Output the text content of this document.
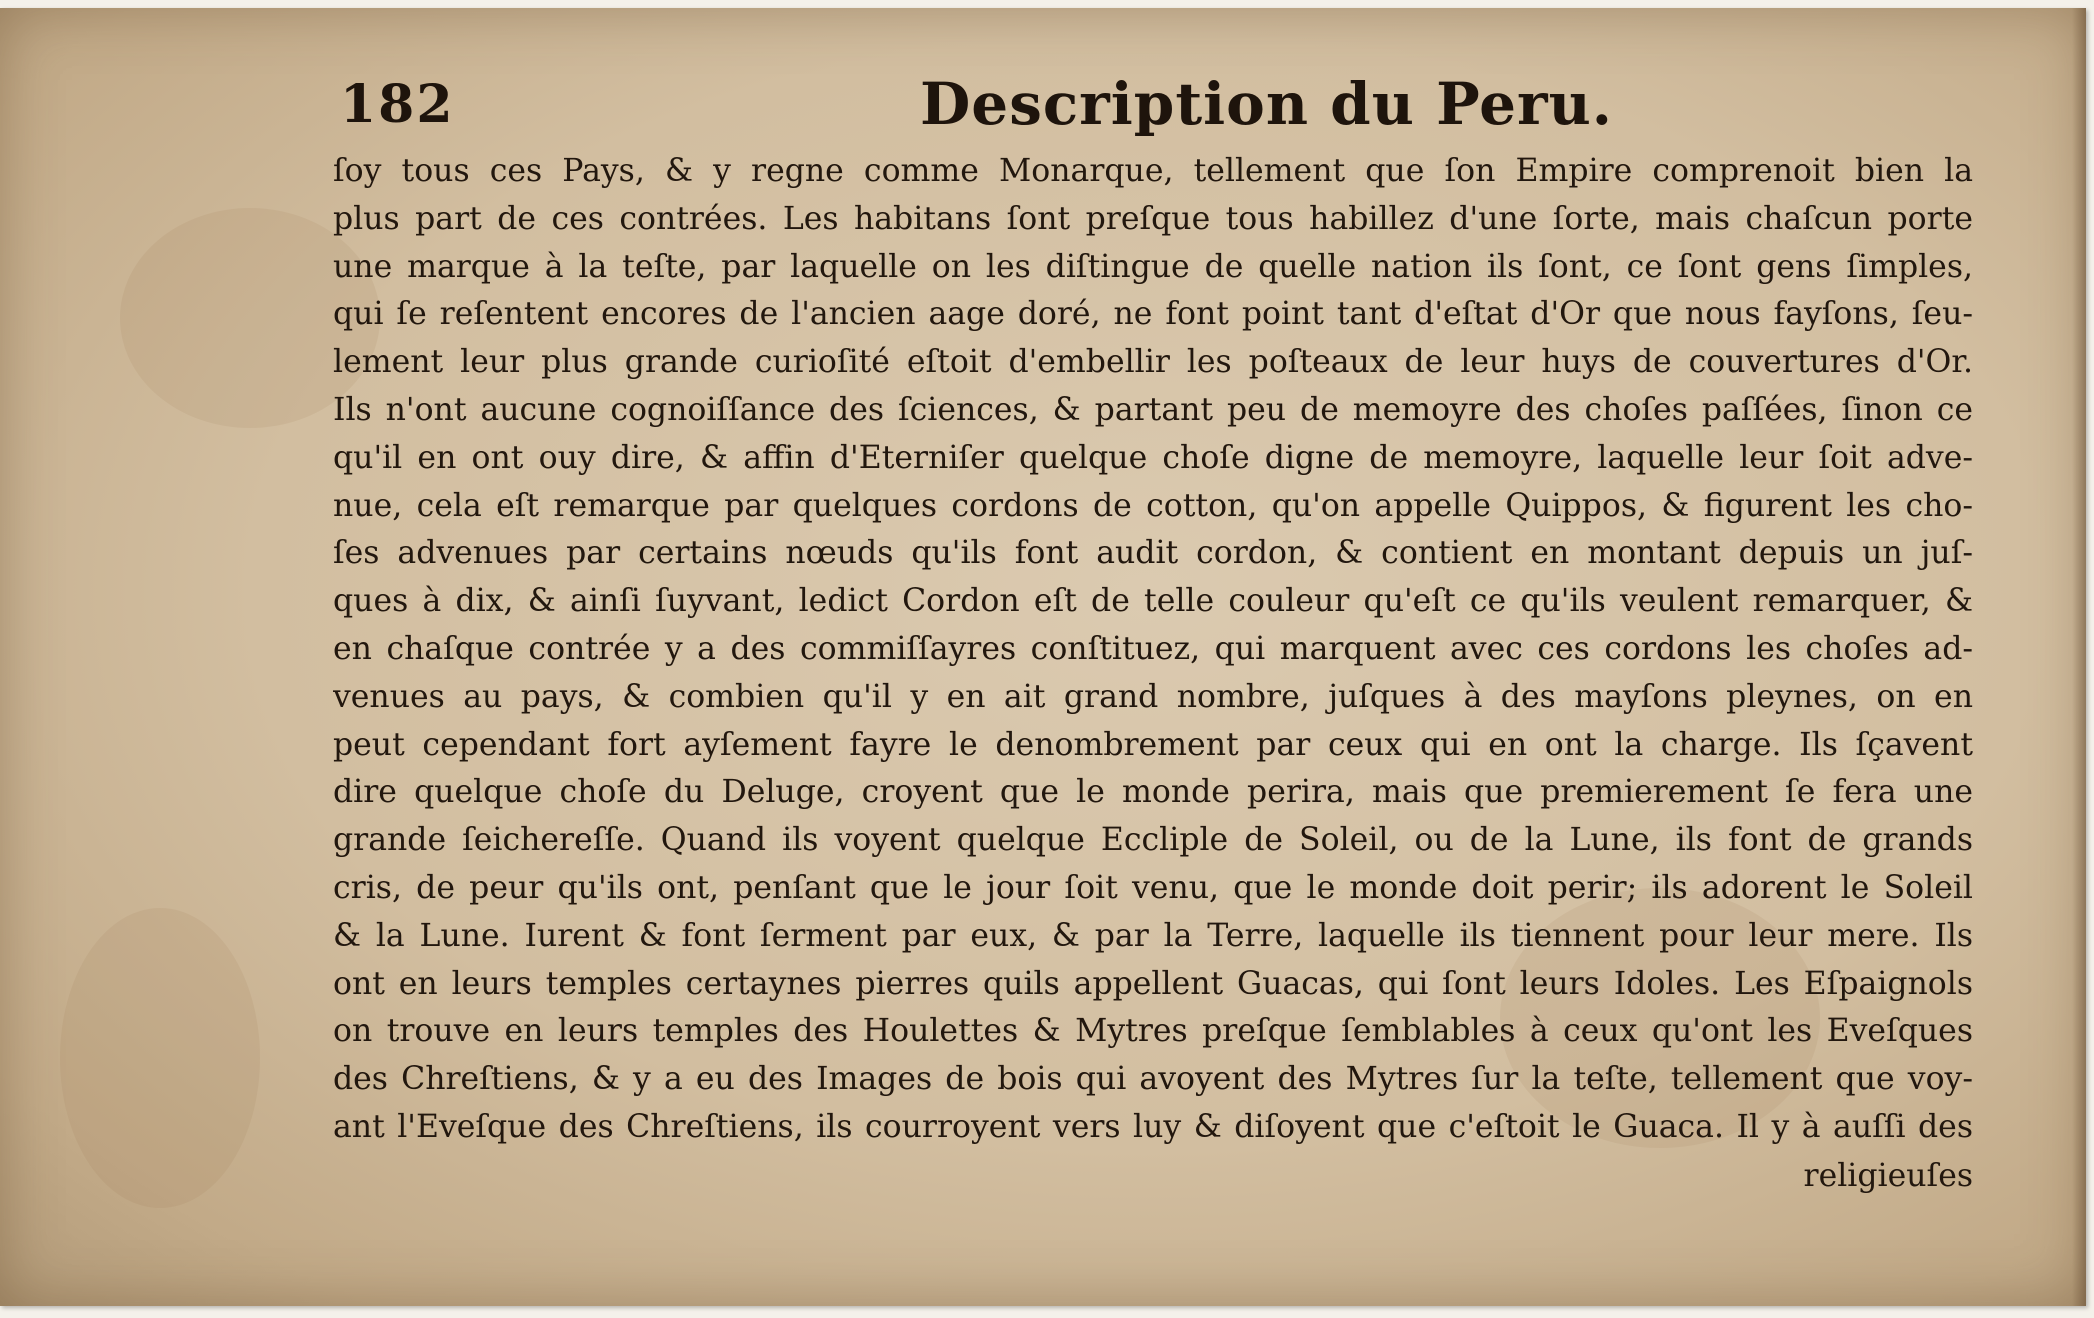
182	Description du Peru.
ſoy tous ces Pays, & y regne comme Monarque, tellement que ſon Empire comprenoit bien la
plus part de ces contrées. Les habitans ſont preſque tous habillez d'une ſorte, mais chaſcun porte
une marque à la teſte, par laquelle on les diſtingue de quelle nation ils ſont, ce ſont gens ſimples,
qui ſe reſentent encores de l'ancien aage doré, ne font point tant d'eſtat d'Or que nous fayſons, ſeu-
lement leur plus grande curioſité eſtoit d'embellir les poſteaux de leur huys de couvertures d'Or.
Ils n'ont aucune cognoiſſance des ſciences, & partant peu de memoyre des choſes paſſées, ſinon ce
qu'il en ont ouy dire, & affin d'Eterniſer quelque choſe digne de memoyre, laquelle leur ſoit adve-
nue, cela eſt remarque par quelques cordons de cotton, qu'on appelle Quippos, & figurent les cho-
ſes advenues par certains nœuds qu'ils font audit cordon, & contient en montant depuis un juſ-
ques à dix, & ainſi ſuyvant, ledict Cordon eſt de telle couleur qu'eſt ce qu'ils veulent remarquer, &
en chaſque contrée y a des commiſſayres conſtituez, qui marquent avec ces cordons les choſes ad-
venues au pays, & combien qu'il y en ait grand nombre, juſques à des mayſons pleynes, on en
peut cependant fort ayſement fayre le denombrement par ceux qui en ont la charge. Ils ſçavent
dire quelque choſe du Deluge, croyent que le monde perira, mais que premierement ſe fera une
grande ſeichereſſe. Quand ils voyent quelque Eccliple de Soleil, ou de la Lune, ils font de grands
cris, de peur qu'ils ont, penſant que le jour ſoit venu, que le monde doit perir; ils adorent le Soleil
& la Lune. Iurent & font ſerment par eux, & par la Terre, laquelle ils tiennent pour leur mere. Ils
ont en leurs temples certaynes pierres quils appellent Guacas, qui ſont leurs Idoles. Les Eſpaignols
on trouve en leurs temples des Houlettes & Mytres preſque ſemblables à ceux qu'ont les Eveſques
des Chreſtiens, & y a eu des Images de bois qui avoyent des Mytres ſur la teſte, tellement que voy-
ant l'Eveſque des Chreſtiens, ils courroyent vers luy & diſoyent que c'eſtoit le Guaca. Il y à auſſi des
religieuſes
